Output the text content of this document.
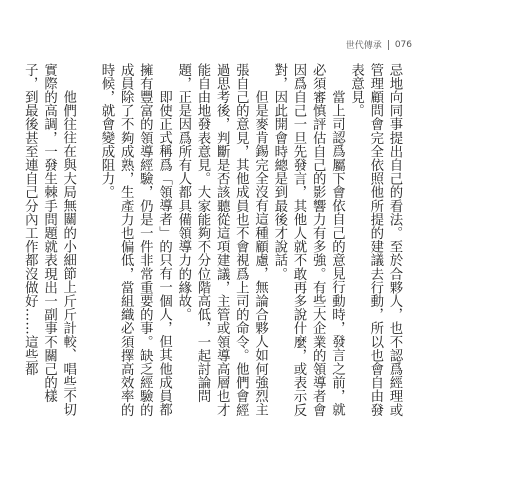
世代傳承 076

忌地向同事提出自己的看法。至於合夥人，也不認爲經理或管理顧問會完全依照他所提的建議去行動，所以也會自由發表意見。

當上司認爲屬下會依自己的意見行動時，發言之前，就必須審慎評估自己的影響力有多強。有些大企業的領導者會因爲自己一旦先發言，其他人就不敢再多說什麼，或表示反對，因此開會時總是到最後才說話。

但是麥肯錫完全沒有這種顧慮，無論合夥人如何強烈主張自己的意見，其他成員也不會視爲上司的命令。他們會經過思考後，判斷是否該聽從這項建議，主管或領導高層也才能自由地發表意見。大家能夠不分位階高低，一起討論問題，正是因爲所有人都具備領導力的緣故。

即使正式稱爲「領導者」的只有一個人，但其他成員都擁有豐富的領導經驗，仍是一件非常重要的事。缺乏經驗的成員除了不夠成熟，生產力也偏低，當組織必須擇高效率的時候，就會變成阻力。

他們往往在與大局無關的小細節上斤斤計較、唱些不切實際的高調，一發生棘手問題就表現出一副事不關己的樣子，到最後甚至連自己分內工作都沒做好……這些都
